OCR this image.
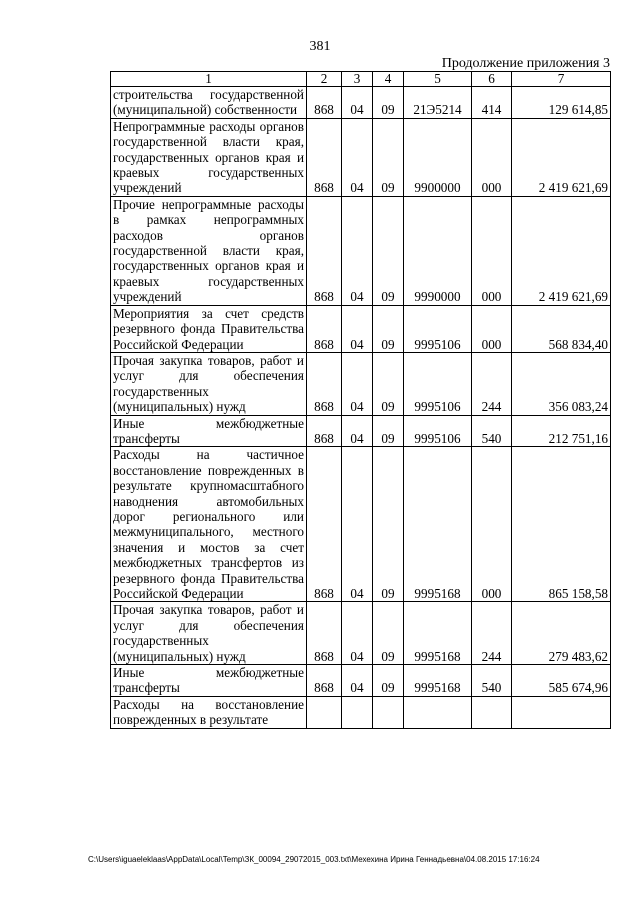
381
Продолжение приложения 3
1	2	3	4	5	6	7
строительства государственной (муниципальной) собственности	868	04	09	21Э5214	414	129 614,85
Непрограммные расходы органов государственной власти края, государственных органов края и краевых государственных учреждений	868	04	09	9900000	000	2 419 621,69
Прочие непрограммные расходы в рамках непрограммных расходов органов государственной власти края, государственных органов края и краевых государственных учреждений	868	04	09	9990000	000	2 419 621,69
Мероприятия за счет средств резервного фонда Правительства Российской Федерации	868	04	09	9995106	000	568 834,40
Прочая закупка товаров, работ и услуг для обеспечения государственных (муниципальных) нужд	868	04	09	9995106	244	356 083,24
Иные межбюджетные трансферты	868	04	09	9995106	540	212 751,16
Расходы на частичное восстановление поврежденных в результате крупномасштабного наводнения автомобильных дорог регионального или межмуниципального, местного значения и мостов за счет межбюджетных трансфертов из резервного фонда Правительства Российской Федерации	868	04	09	9995168	000	865 158,58
Прочая закупка товаров, работ и услуг для обеспечения государственных (муниципальных) нужд	868	04	09	9995168	244	279 483,62
Иные межбюджетные трансферты	868	04	09	9995168	540	585 674,96
Расходы на восстановление поврежденных в результате						
C:\Users\iguaeleklaas\AppData\Local\Temp\ЗК_00094_29072015_003.txt\Мехехина Ирина Геннадьевна\04.08.2015 17:16:24
